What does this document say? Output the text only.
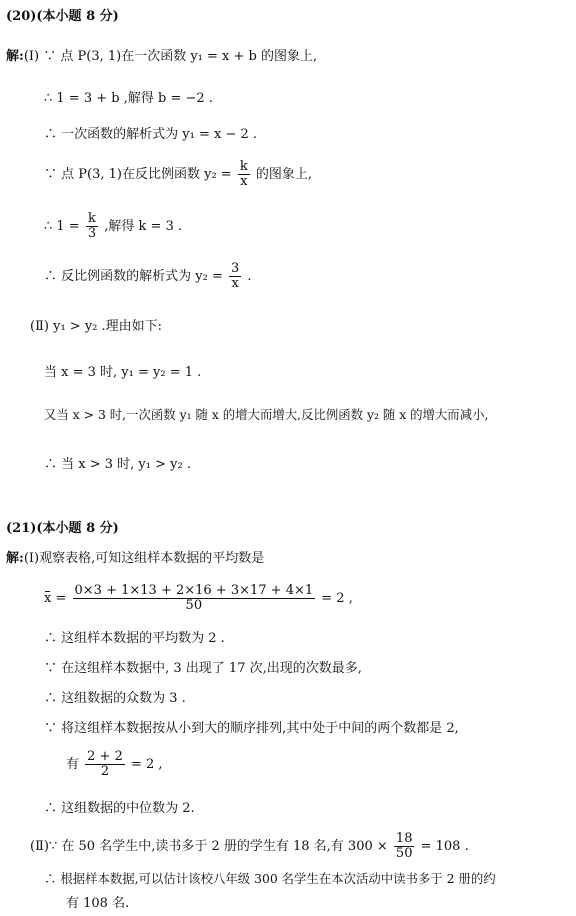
(20)(本小题 8 分)
解:(Ⅰ) ∵ 点 P(3, 1)在一次函数 y₁ = x + b 的图象上,
∴ 1 = 3 + b ,解得 b = −2 .
∴ 一次函数的解析式为 y₁ = x − 2 .
∵ 点 P(3, 1)在反比例函数 $y_2 = \frac{k}{x}$ 的图象上,
∴ $1 = \frac{k}{3}$ ,解得 k = 3 .
∴ 反比例函数的解析式为 $y_2 = \frac{3}{x}$ .
(Ⅱ) y₁ > y₂ .理由如下:
当 x = 3 时, y₁ = y₂ = 1 .
又当 x > 3 时,一次函数 y₁ 随 x 的增大而增大,反比例函数 y₂ 随 x 的增大而减小,
∴ 当 x > 3 时, y₁ > y₂ .
(21)(本小题 8 分)
解:(Ⅰ)观察表格,可知这组样本数据的平均数是
$x = \frac{0\times 3 + 1\times 13 + 2\times 16 + 3\times 17 + 4\times 1}{50} = 2$ ,
∴ 这组样本数据的平均数为 2 .
∵ 在这组样本数据中, 3 出现了 17 次,出现的次数最多,
∴ 这组数据的众数为 3 .
∵ 将这组样本数据按从小到大的顺序排列,其中处于中间的两个数都是 2,
有 $\frac{2 + 2}{2} = 2$ ,
∴ 这组数据的中位数为 2.
(Ⅱ)∵ 在 50 名学生中,读书多于 2 册的学生有 18 名,有 $300 \times \frac{18}{50} = 108$ .
∴ 根据样本数据,可以估计该校八年级 300 名学生在本次活动中读书多于 2 册的约
有 108 名.
